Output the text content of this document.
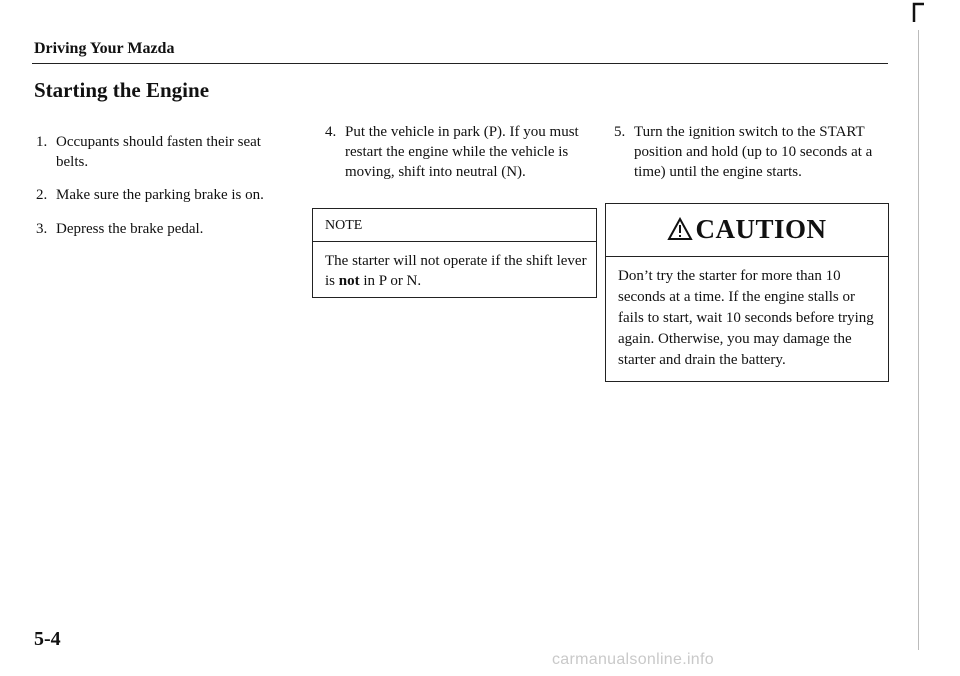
Driving Your Mazda
Starting the Engine
1. Occupants should fasten their seat belts.
2. Make sure the parking brake is on.
3. Depress the brake pedal.
4. Put the vehicle in park (P). If you must restart the engine while the vehicle is moving, shift into neutral (N).
NOTE
The starter will not operate if the shift lever is not in P or N.
5. Turn the ignition switch to the START position and hold (up to 10 seconds at a time) until the engine starts.
CAUTION
Don’t try the starter for more than 10 seconds at a time. If the engine stalls or fails to start, wait 10 seconds before trying again. Otherwise, you may damage the starter and drain the battery.
5-4
carmanualsonline.info
